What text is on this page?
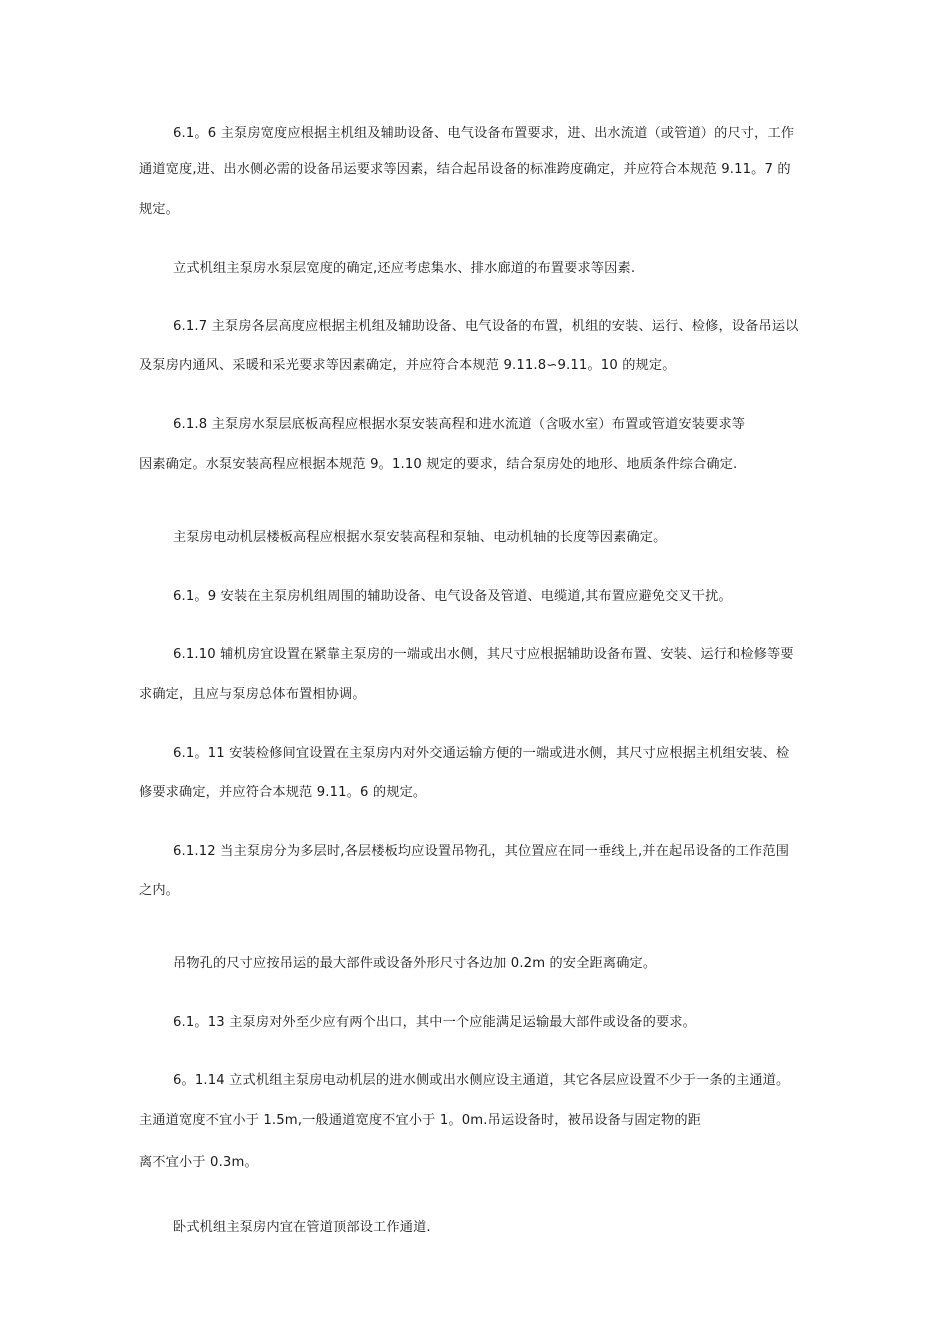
6.1。6 主泵房宽度应根据主机组及辅助设备、电气设备布置要求，进、出水流道（或管道）的尺寸，工作

通道宽度,进、出水侧必需的设备吊运要求等因素，结合起吊设备的标准跨度确定，并应符合本规范 9.11。7 的

规定。

立式机组主泵房水泵层宽度的确定,还应考虑集水、排水廊道的布置要求等因素.

6.1.7 主泵房各层高度应根据主机组及辅助设备、电气设备的布置，机组的安装、运行、检修，设备吊运以

及泵房内通风、采暖和采光要求等因素确定，并应符合本规范 9.11.8∽9.11。10 的规定。

6.1.8 主泵房水泵层底板高程应根据水泵安装高程和进水流道（含吸水室）布置或管道安装要求等

因素确定。水泵安装高程应根据本规范 9。1.10 规定的要求，结合泵房处的地形、地质条件综合确定.

主泵房电动机层楼板高程应根据水泵安装高程和泵轴、电动机轴的长度等因素确定。

6.1。9 安装在主泵房机组周围的辅助设备、电气设备及管道、电缆道,其布置应避免交叉干扰。

6.1.10 辅机房宜设置在紧靠主泵房的一端或出水侧，其尺寸应根据辅助设备布置、安装、运行和检修等要

求确定，且应与泵房总体布置相协调。

6.1。11 安装检修间宜设置在主泵房内对外交通运输方便的一端或进水侧，其尺寸应根据主机组安装、检

修要求确定，并应符合本规范 9.11。6 的规定。

6.1.12 当主泵房分为多层时,各层楼板均应设置吊物孔，其位置应在同一垂线上,并在起吊设备的工作范围

之内。

吊物孔的尺寸应按吊运的最大部件或设备外形尺寸各边加 0.2m 的安全距离确定。

6.1。13 主泵房对外至少应有两个出口，其中一个应能满足运输最大部件或设备的要求。

6。1.14 立式机组主泵房电动机层的进水侧或出水侧应设主通道，其它各层应设置不少于一条的主通道。

主通道宽度不宜小于 1.5m,一般通道宽度不宜小于 1。0m.吊运设备时，被吊设备与固定物的距

离不宜小于 0.3m。

卧式机组主泵房内宜在管道顶部设工作通道.
